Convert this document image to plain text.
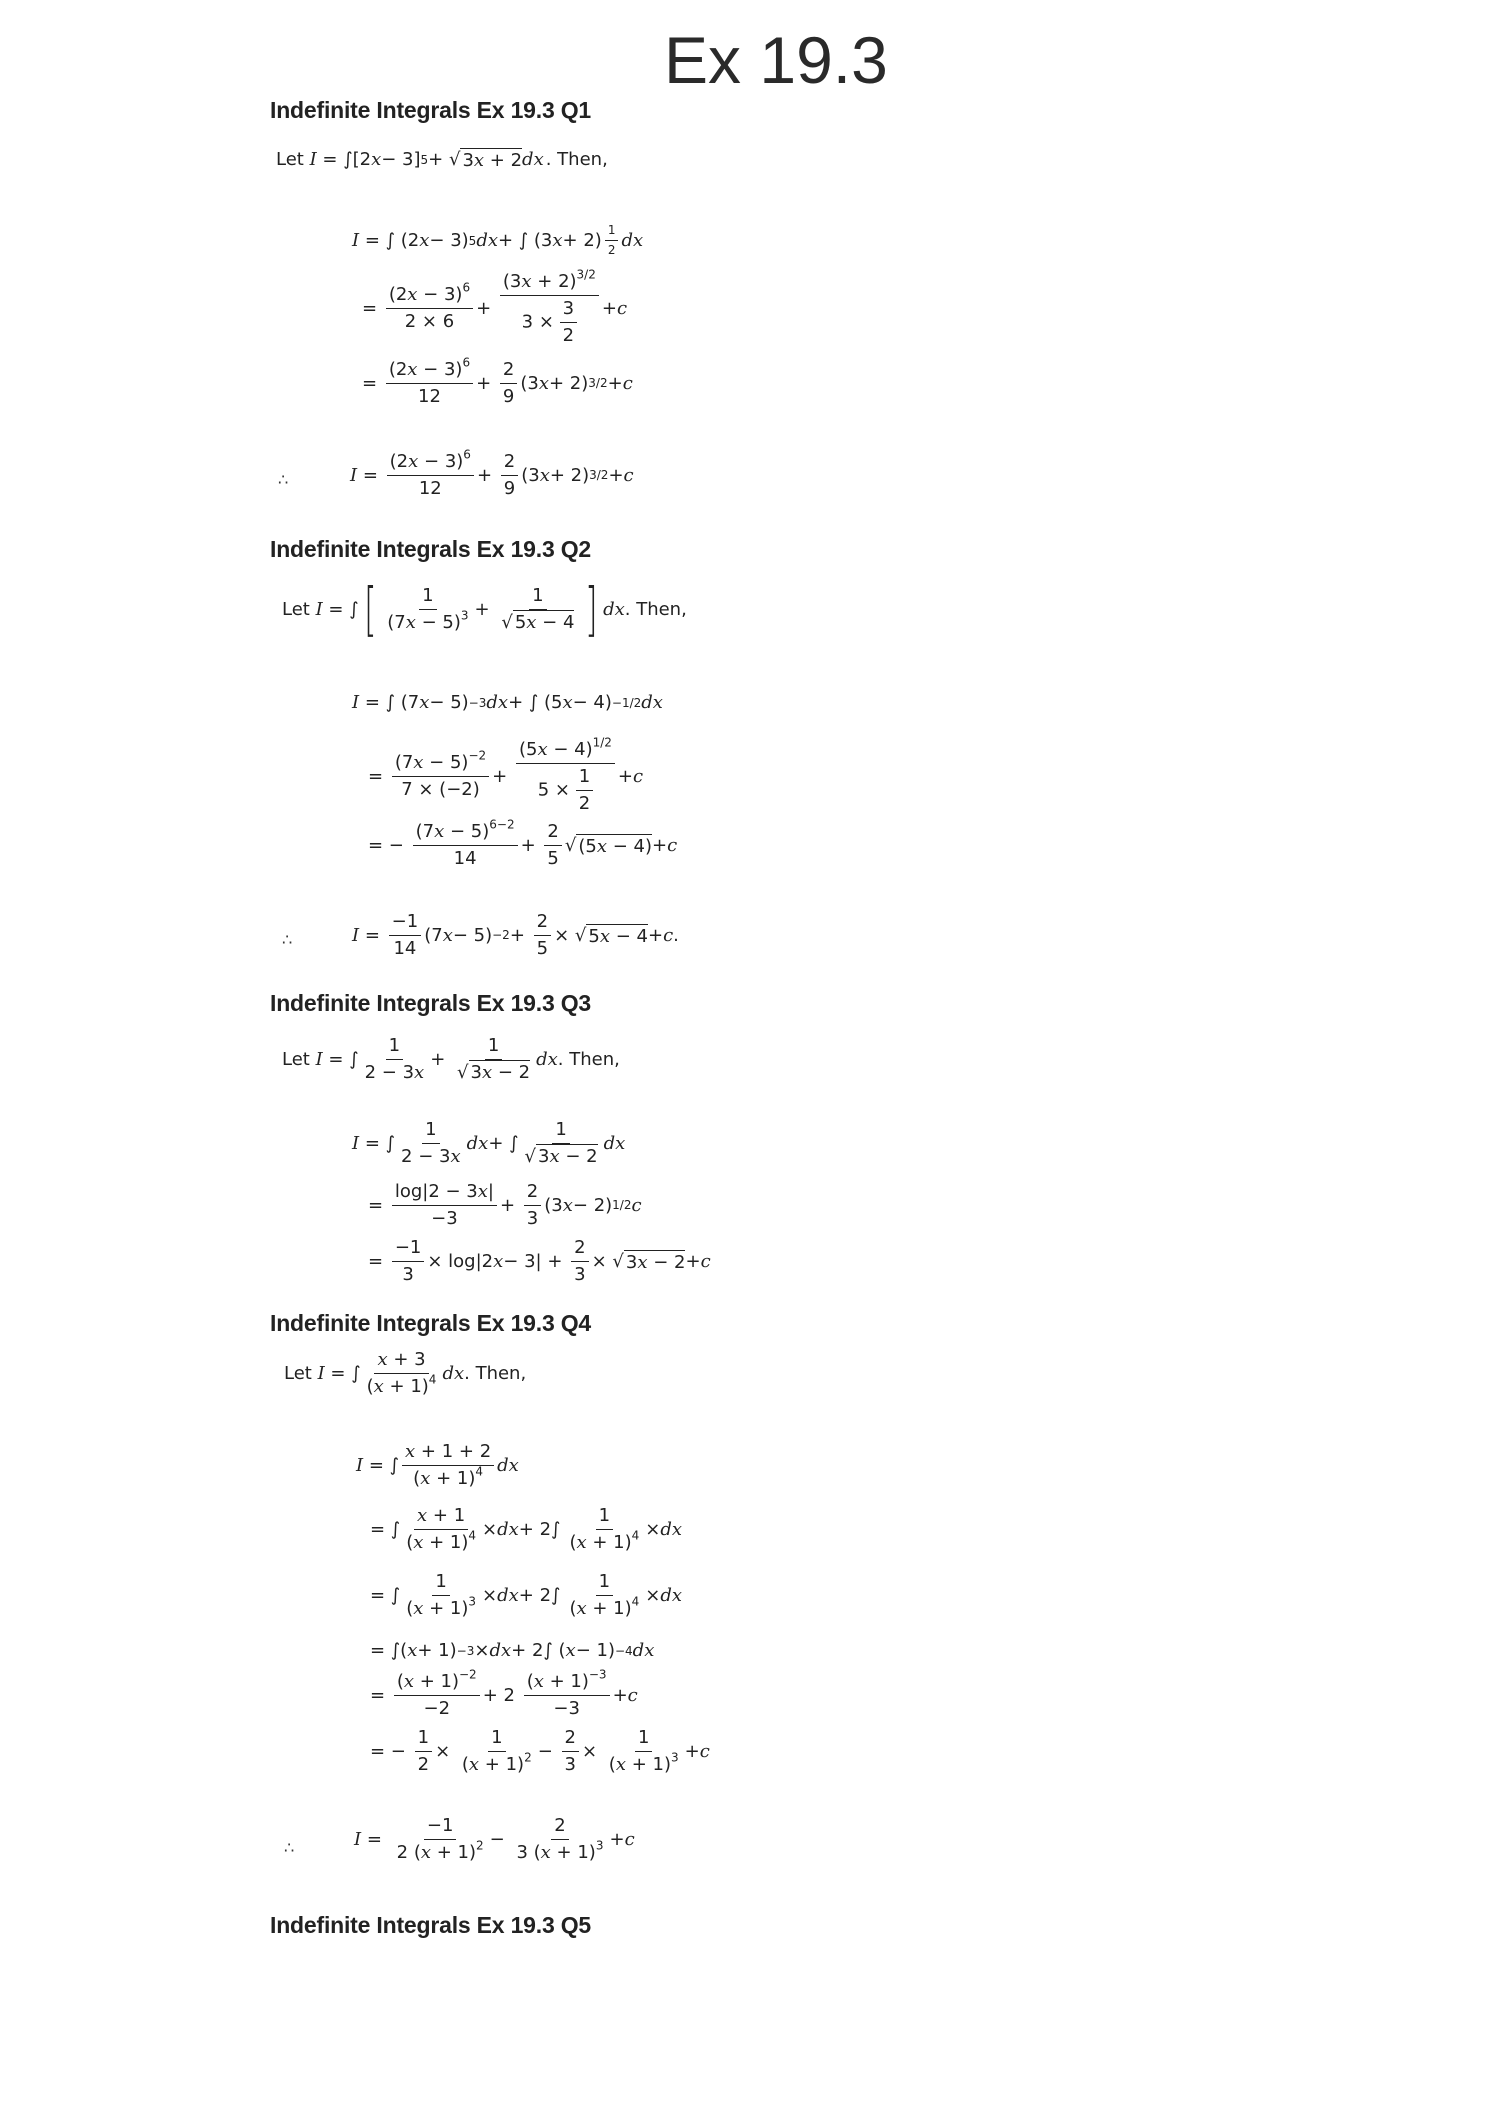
Ex 19.3
Indefinite Integrals Ex 19.3 Q1
Let
I = ∫[2 x − 3] 5 + √ 3x + 2 dx . Then,
I = ∫ (2 x − 3) 5 dx + ∫ (3 $x + 2) \frac{1}{2}$ dx
= $\frac{(2x - 3)^6}{2 \times 6} + \frac{(3x + 2)^{3/2}}{3 \times \frac{3}{2}} + c$
= $\frac{(2x - 3)^6}{12} + \frac{2}{9} (3$ x + 2) 3/2 + c
∴	$I = \frac{(2x - 3)^6}{12} + \frac{2}{9} (3$ x + 2) 3/2 + c
Indefinite Integrals Ex 19.3 Q2
Let
I = ∫ [ $\frac{1}{(7x - 5)^3} + \frac{1}{√ 5x - 4}$ ] dx . Then,
I = ∫ (7 x − 5) −3 dx + ∫ (5 x − 4) −1/2 dx
= $\frac{(7x - 5)^{-2}}{7 \times (-2)} + \frac{(5x - 4)^{1/2}}{5 \times \frac{1}{2}} + c$
= − $\frac{(7x - 5)^{6-2}}{14} + \frac{2}{5}$ √ (5x − 4) + c
∴	$I = \frac{-1}{14} (7$ $x - 5) -2 + \frac{2}{5}$ × √ 5x − 4 + c .
Indefinite Integrals Ex 19.3 Q3
Let
I = ∫ $\frac{1}{2 - 3x} + \frac{1}{√ 3x - 2}$ dx . Then,
I = ∫ $\frac{1}{2 - 3x}$ dx + ∫ $\frac{1}{√ 3x - 2}$ dx
= $\frac{\log|2 - 3x|}{-3} + \frac{2}{3} (3$ x − 2) 1/2 c
= $\frac{-1}{3} \times \log|2$ $x - 3| + \frac{2}{3}$ × √ 3x − 2 + c
Indefinite Integrals Ex 19.3 Q4
Let
I = ∫ $\frac{x + 3}{(x + 1)^4}$ dx . Then,
I = ∫ $\frac{x + 1 + 2}{(x + 1)^4}$ dx
= ∫ $\frac{x + 1}{(x + 1)^4}$ × dx + $2\int \frac{1}{(x + 1)^4}$ × dx
= ∫ $\frac{1}{(x + 1)^3}$ × dx + $2\int \frac{1}{(x + 1)^4}$ × dx
= ∫( x + 1) −3 × dx + 2∫ ( x − 1) −4 dx
= $\frac{(x + 1)^{-2}}{-2} + 2 \frac{(x + 1)^{-3}}{-3} + c$
= − $\frac{1}{2} \times \frac{1}{(x + 1)^2} - \frac{2}{3} \times \frac{1}{(x + 1)^3} + c$
∴	$I = \frac{-1}{2 (x + 1)^2} - \frac{2}{3 (x + 1)^3} + c$
Indefinite Integrals Ex 19.3 Q5
